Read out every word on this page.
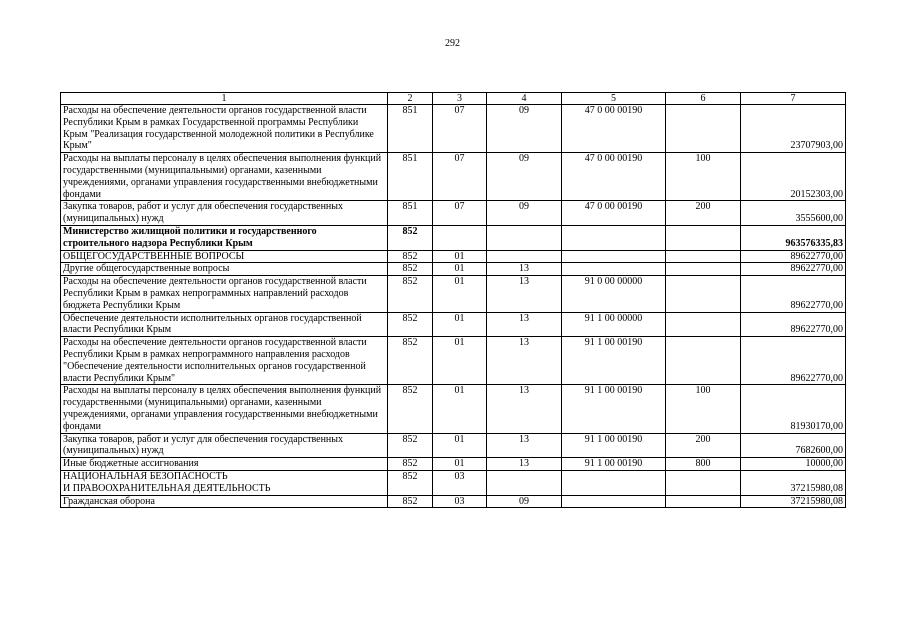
292
1	2	3	4	5	6	7
Расходы на обеспечение деятельности органов государственной власти Республики Крым в рамках Государственной программы Республики Крым "Реализация государственной молодежной политики в Республике Крым"	851	07	09	47 0 00 00190		23707903,00
Расходы на выплаты персоналу в целях обеспечения выполнения функций государственными (муниципальными) органами, казенными учреждениями, органами управления государственными внебюджетными фондами	851	07	09	47 0 00 00190	100	20152303,00
Закупка товаров, работ и услуг для обеспечения государственных (муниципальных) нужд	851	07	09	47 0 00 00190	200	3555600,00
Министерство жилищной политики и государственного строительного надзора Республики Крым	852					963576335,83
ОБЩЕГОСУДАРСТВЕННЫЕ ВОПРОСЫ	852	01				89622770,00
Другие общегосударственные вопросы	852	01	13			89622770,00
Расходы на обеспечение деятельности органов государственной власти Республики Крым в рамках непрограммных направлений расходов бюджета Республики Крым	852	01	13	91 0 00 00000		89622770,00
Обеспечение деятельности исполнительных органов государственной власти Республики Крым	852	01	13	91 1 00 00000		89622770,00
Расходы на обеспечение деятельности органов государственной власти Республики Крым в рамках непрограммного направления расходов "Обеспечение деятельности исполнительных органов государственной власти Республики Крым"	852	01	13	91 1 00 00190		89622770,00
Расходы на выплаты персоналу в целях обеспечения выполнения функций государственными (муниципальными) органами, казенными учреждениями, органами управления государственными внебюджетными фондами	852	01	13	91 1 00 00190	100	81930170,00
Закупка товаров, работ и услуг для обеспечения государственных (муниципальных) нужд	852	01	13	91 1 00 00190	200	7682600,00
Иные бюджетные ассигнования	852	01	13	91 1 00 00190	800	10000,00
НАЦИОНАЛЬНАЯ БЕЗОПАСНОСТЬ
И ПРАВООХРАНИТЕЛЬНАЯ ДЕЯТЕЛЬНОСТЬ	852	03				37215980,08
Гражданская оборона	852	03	09			37215980,08
